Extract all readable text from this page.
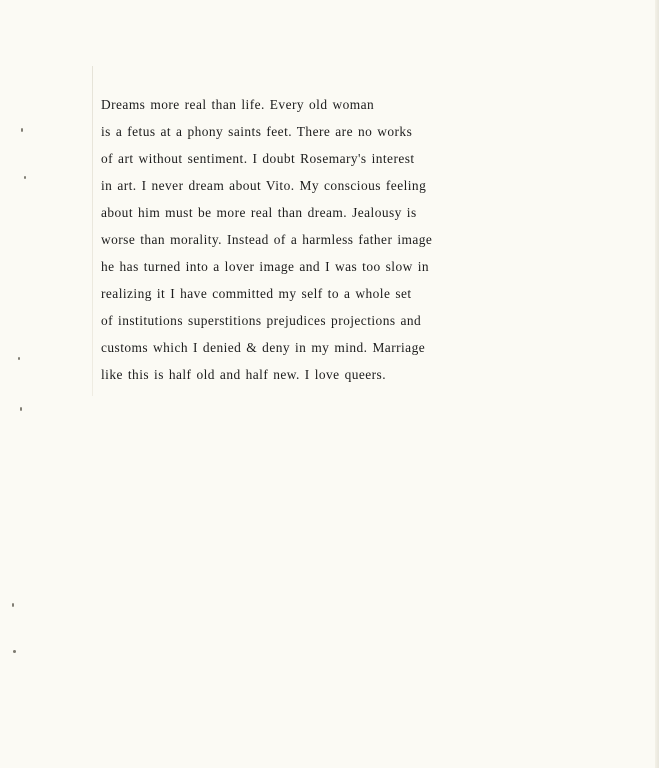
Dreams more real than life. Every old woman
is a fetus at a phony saints feet. There are no works
of art without sentiment. I doubt Rosemary's interest
in art. I never dream about Vito. My conscious feeling
about him must be more real than dream. Jealousy is
worse than morality. Instead of a harmless father image
he has turned into a lover image and I was too slow in
realizing it I have committed my self to a whole set
of institutions superstitions prejudices projections and
customs which I denied & deny in my mind. Marriage
like this is half old and half new. I love queers.
